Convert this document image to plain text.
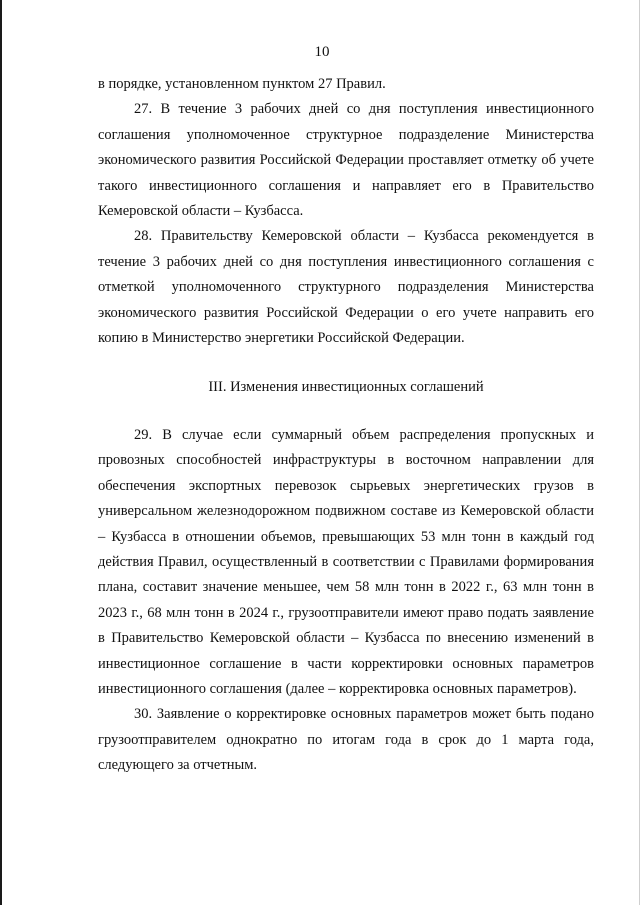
10

в порядке, установленном пунктом 27 Правил.

27. В течение 3 рабочих дней со дня поступления инвестиционного соглашения уполномоченное структурное подразделение Министерства экономического развития Российской Федерации проставляет отметку об учете такого инвестиционного соглашения и направляет его в Правительство Кемеровской области – Кузбасса.

28. Правительству Кемеровской области – Кузбасса рекомендуется в течение 3 рабочих дней со дня поступления инвестиционного соглашения с отметкой уполномоченного структурного подразделения Министерства экономического развития Российской Федерации о его учете направить его копию в Министерство энергетики Российской Федерации.

III. Изменения инвестиционных соглашений

29. В случае если суммарный объем распределения пропускных и провозных способностей инфраструктуры в восточном направлении для обеспечения экспортных перевозок сырьевых энергетических грузов в универсальном железнодорожном подвижном составе из Кемеровской области – Кузбасса в отношении объемов, превышающих 53 млн тонн в каждый год действия Правил, осуществленный в соответствии с Правилами формирования плана, составит значение меньшее, чем 58 млн тонн в 2022 г., 63 млн тонн в 2023 г., 68 млн тонн в 2024 г., грузоотправители имеют право подать заявление в Правительство Кемеровской области – Кузбасса по внесению изменений в инвестиционное соглашение в части корректировки основных параметров инвестиционного соглашения (далее – корректировка основных параметров).

30. Заявление о корректировке основных параметров может быть подано грузоотправителем однократно по итогам года в срок до 1 марта года, следующего за отчетным.
